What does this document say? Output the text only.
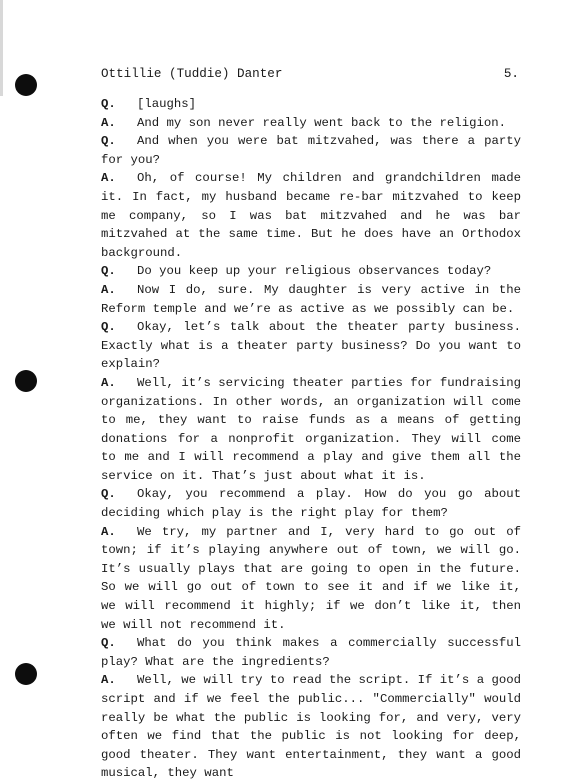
Ottillie (Tuddie) Danter	5.

Q. [laughs]

A. And my son never really went back to the religion.

Q. And when you were bat mitzvahed, was there a party for you?

A. Oh, of course! My children and grandchildren made it. In fact, my husband became re-bar mitzvahed to keep me company, so I was bat mitzvahed and he was bar mitzvahed at the same time. But he does have an Orthodox background.

Q. Do you keep up your religious observances today?

A. Now I do, sure. My daughter is very active in the Reform temple and we’re as active as we possibly can be.

Q. Okay, let’s talk about the theater party business. Exactly what is a theater party business? Do you want to explain?

A. Well, it’s servicing theater parties for fundraising organizations. In other words, an organization will come to me, they want to raise funds as a means of getting donations for a nonprofit organization. They will come to me and I will recommend a play and give them all the service on it. That’s just about what it is.

Q. Okay, you recommend a play. How do you go about deciding which play is the right play for them?

A. We try, my partner and I, very hard to go out of town; if it’s playing anywhere out of town, we will go. It’s usually plays that are going to open in the future. So we will go out of town to see it and if we like it, we will recommend it highly; if we don’t like it, then we will not recommend it.

Q. What do you think makes a commercially successful play? What are the ingredients?

A. Well, we will try to read the script. If it’s a good script and if we feel the public... "Commercially" would really be what the public is looking for, and very, very often we find that the public is not looking for deep, good theater. They want entertainment, they want a good musical, they want
